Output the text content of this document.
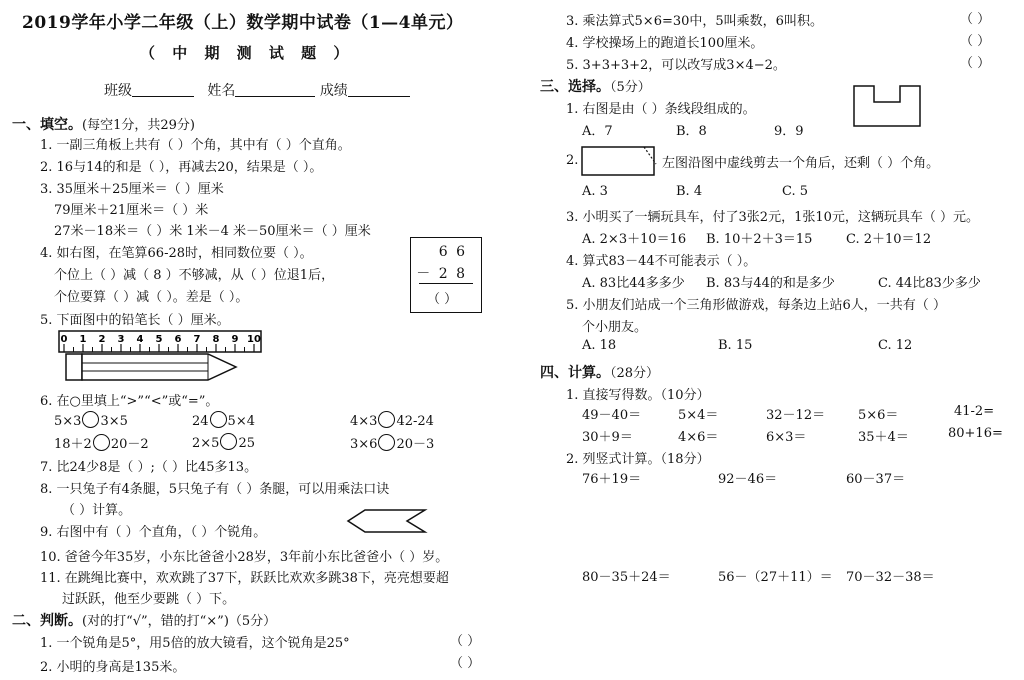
2019学年小学二年级（上）数学期中试卷（1—4单元）
（ 中 期 测 试 题 ）
班级	姓名	成绩
一、填空。(每空1分，共29分)
1. 一副三角板上共有（ ）个角，其中有（ ）个直角。
2. 16与14的和是（ ），再减去20，结果是（ ）。
3. 35厘米＋25厘米＝（ ）厘米
79厘米＋21厘米＝（ ）米
27米－18米＝（ ）米 1米－4 米－50厘米＝（ ）厘米
4. 如右图，在笔算66-28时，相同数位要（ ）。
个位上（ ）减（ 8 ）不够减，从（ ）位退1后，
个位要算（ ）减（ ）。差是（ ）。
6 6
－ 2 8
（ ）
5. 下面图中的铅笔长（ ）厘米。
0 1 2 3 4 5 6 7 8 9 10
6. 在○里填上“>”“<”或“=”。
5×3 3×5	24 5×4	4×3 42-24
18＋2 20－2	2×5 25	3×6 20－3
7. 比24少8是（ ）;（ ）比45多13。
8. 一只兔子有4条腿，5只兔子有（ ）条腿，可以用乘法口诀
（ ）计算。
9. 右图中有（ ）个直角，（ ）个锐角。
10. 爸爸今年35岁，小东比爸爸小28岁，3年前小东比爸爸小（ ）岁。
11. 在跳绳比赛中，欢欢跳了37下，跃跃比欢欢多跳38下，亮亮想要超
过跃跃，他至少要跳（ ）下。
二、判断。(对的打“√”，错的打“×”)（5分）
1. 一个锐角是5°，用5倍的放大镜看，这个锐角是25°	（ ）
2. 小明的身高是135米。	（ ）
3. 乘法算式5×6=30中，5叫乘数，6叫积。	（ ）
4. 学校操场上的跑道长100厘米。	（ ）
5. 3+3+3+2，可以改写成3×4−2。	（ ）
三、选择。（5分）
1. 右图是由（ ）条线段组成的。
A．7	B．8	9．9
2.	左图沿图中虚线剪去一个角后，还剩（ ）个角。
A. 3	B. 4	C. 5
3. 小明买了一辆玩具车，付了3张2元，1张10元，这辆玩具车（ ）元。
A. 2×3＋10＝16 B. 10＋2＋3＝15	C. 2＋10＝12
4. 算式83－44不可能表示（ ）。
A. 83比44多多少 B. 83与44的和是多少	C. 44比83少多少
5. 小朋友们站成一个三角形做游戏，每条边上站6人，一共有（ ）
个小朋友。
A. 18	B. 15	C. 12
四、计算。（28分）
1. 直接写得数。（10分）
49－40＝	5×4＝	32－12＝	5×6＝	41-2=
30＋9＝	4×6＝	6×3＝	35＋4＝	80+16=
2. 列竖式计算。（18分）
76＋19＝	92－46＝	60－37＝
80－35＋24＝	56－（27＋11）＝ 70－32－38＝
